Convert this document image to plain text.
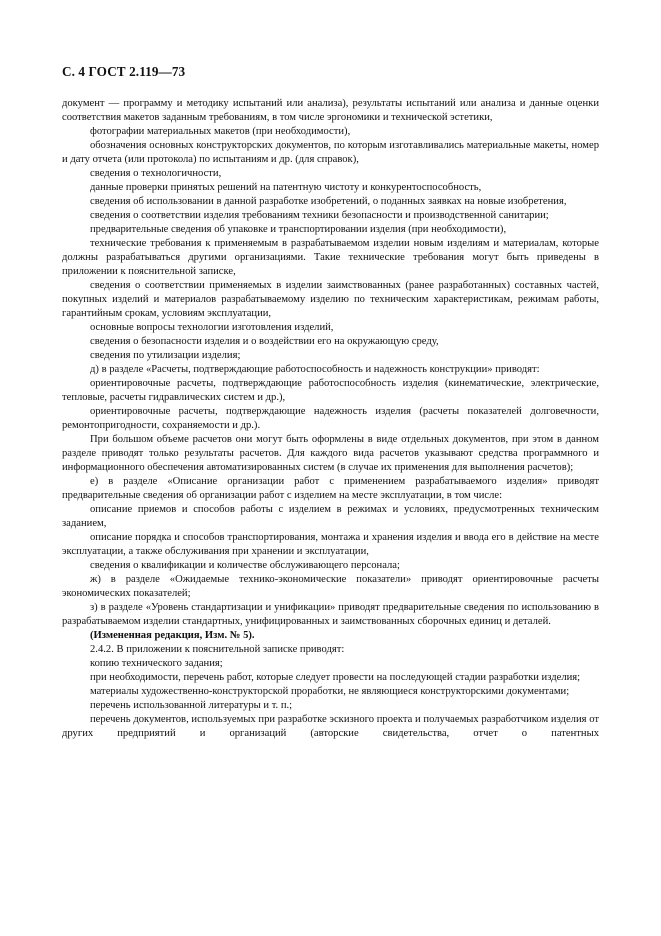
С. 4 ГОСТ 2.119—73

документ — программу и методику испытаний или анализа), результаты испытаний или анализа и данные оценки соответствия макетов заданным требованиям, в том числе эргономики и технической эстетики,

фотографии материальных макетов (при необходимости),

обозначения основных конструкторских документов, по которым изготавливались материальные макеты, номер и дату отчета (или протокола) по испытаниям и др. (для справок),

сведения о технологичности,

данные проверки принятых решений на патентную чистоту и конкурентоспособность,

сведения об использовании в данной разработке изобретений, о поданных заявках на новые изобретения,

сведения о соответствии изделия требованиям техники безопасности и производственной санитарии;

предварительные сведения об упаковке и транспортировании изделия (при необходимости),

технические требования к применяемым в разрабатываемом изделии новым изделиям и материалам, которые должны разрабатываться другими организациями. Такие технические требования могут быть приведены в приложении к пояснительной записке,

сведения о соответствии применяемых в изделии заимствованных (ранее разработанных) составных частей, покупных изделий и материалов разрабатываемому изделию по техническим характеристикам, режимам работы, гарантийным срокам, условиям эксплуатации,

основные вопросы технологии изготовления изделий,

сведения о безопасности изделия и о воздействии его на окружающую среду,

сведения по утилизации изделия;

д) в разделе «Расчеты, подтверждающие работоспособность и надежность конструкции» приводят:

ориентировочные расчеты, подтверждающие работоспособность изделия (кинематические, электрические, тепловые, расчеты гидравлических систем и др.),

ориентировочные расчеты, подтверждающие надежность изделия (расчеты показателей долговечности, ремонтопригодности, сохраняемости и др.).

При большом объеме расчетов они могут быть оформлены в виде отдельных документов, при этом в данном разделе приводят только результаты расчетов. Для каждого вида расчетов указывают средства программного и информационного обеспечения автоматизированных систем (в случае их применения для выполнения расчетов);

е) в разделе «Описание организации работ с применением разрабатываемого изделия» приводят предварительные сведения об организации работ с изделием на месте эксплуатации, в том числе:

описание приемов и способов работы с изделием в режимах и условиях, предусмотренных техническим заданием,

описание порядка и способов транспортирования, монтажа и хранения изделия и ввода его в действие на месте эксплуатации, а также обслуживания при хранении и эксплуатации,

сведения о квалификации и количестве обслуживающего персонала;

ж) в разделе «Ожидаемые технико-экономические показатели» приводят ориентировочные расчеты экономических показателей;

з) в разделе «Уровень стандартизации и унификации» приводят предварительные сведения по использованию в разрабатываемом изделии стандартных, унифицированных и заимствованных сборочных единиц и деталей.

(Измененная редакция, Изм. № 5).

2.4.2. В приложении к пояснительной записке приводят:

копию технического задания;

при необходимости, перечень работ, которые следует провести на последующей стадии разработки изделия;

материалы художественно-конструкторской проработки, не являющиеся конструкторскими документами;

перечень использованной литературы и т. п.;

перечень документов, используемых при разработке эскизного проекта и получаемых разработчиком изделия от других предприятий и организаций (авторские свидетельства, отчет о патентных
